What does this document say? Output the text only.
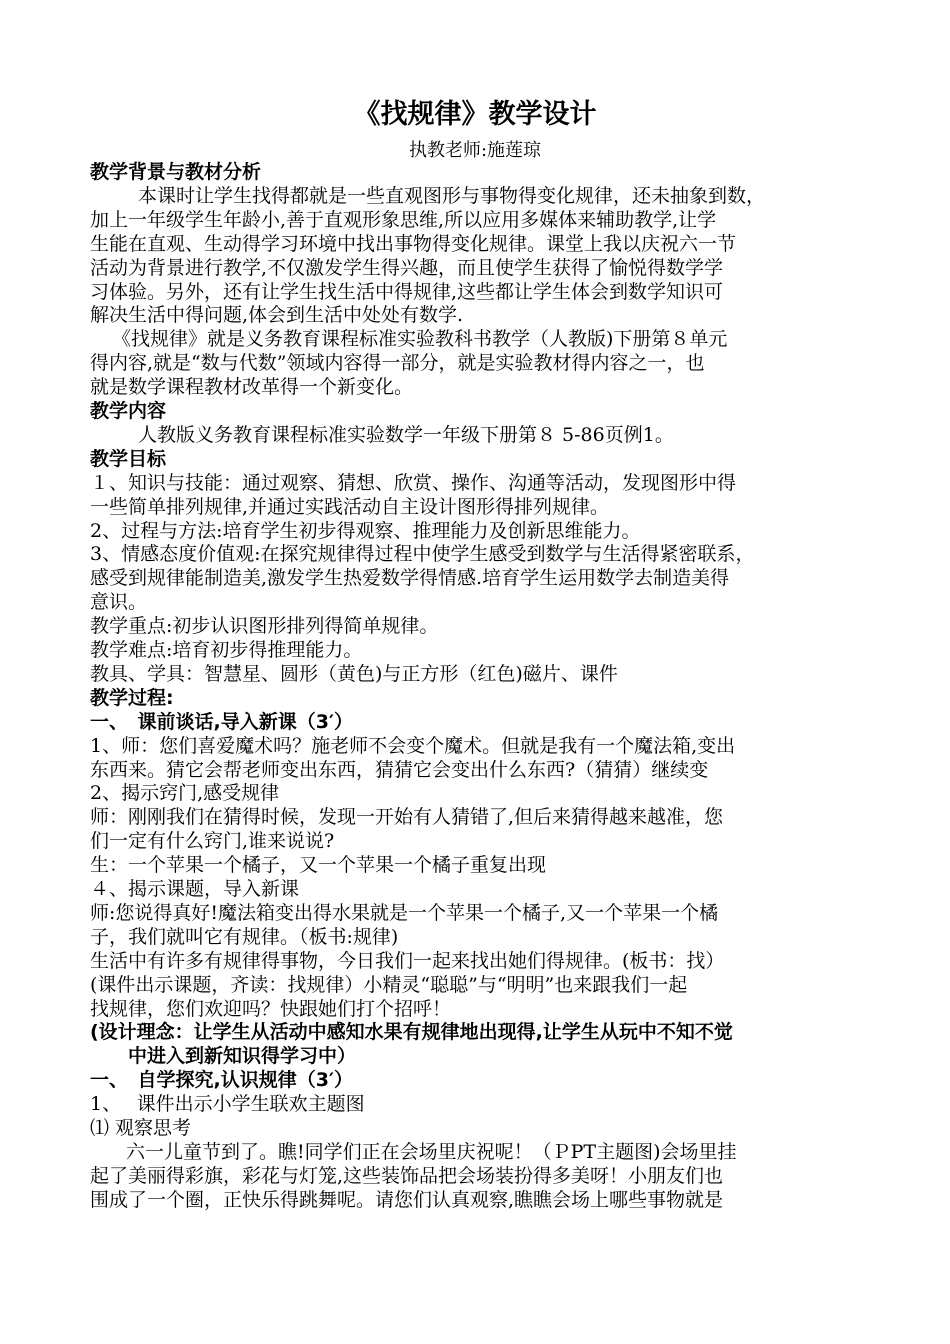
《找规律》教学设计
执教老师:施莲琼
教学背景与教材分析
本课时让学生找得都就是一些直观图形与事物得变化规律，还未抽象到数，
加上一年级学生年龄小,善于直观形象思维,所以应用多媒体来辅助教学,让学
生能在直观、生动得学习环境中找出事物得变化规律。课堂上我以庆祝六一节
活动为背景进行教学,不仅激发学生得兴趣，而且使学生获得了愉悦得数学学
习体验。另外，还有让学生找生活中得规律,这些都让学生体会到数学知识可
解决生活中得问题,体会到生活中处处有数学.
《找规律》就是义务教育课程标准实验教科书教学（人教版)下册第８单元
得内容,就是“数与代数”领域内容得一部分，就是实验教材得内容之一，也
就是数学课程教材改革得一个新变化。
教学内容
人教版义务教育课程标准实验数学一年级下册第８ 5-86页例1。
教学目标
１、知识与技能：通过观察、猜想、欣赏、操作、沟通等活动，发现图形中得
一些简单排列规律,并通过实践活动自主设计图形得排列规律。
2、过程与方法:培育学生初步得观察、推理能力及创新思维能力。
3、情感态度价值观:在探究规律得过程中使学生感受到数学与生活得紧密联系，
感受到规律能制造美,激发学生热爱数学得情感.培育学生运用数学去制造美得
意识。
教学重点:初步认识图形排列得简单规律。
教学难点:培育初步得推理能力。
教具、学具：智慧星、圆形（黄色)与正方形（红色)磁片、课件
教学过程:
一、　课前谈话,导入新课（3′）
1、师：您们喜爱魔术吗？施老师不会变个魔术。但就是我有一个魔法箱,变出
东西来。猜它会帮老师变出东西，猜猜它会变出什么东西?（猜猜）继续变
2、揭示窍门,感受规律
师：刚刚我们在猜得时候，发现一开始有人猜错了,但后来猜得越来越准，您
们一定有什么窍门,谁来说说?
生：一个苹果一个橘子，又一个苹果一个橘子重复出现
４、揭示课题，导入新课
师:您说得真好!魔法箱变出得水果就是一个苹果一个橘子,又一个苹果一个橘
子，我们就叫它有规律。（板书:规律)
生活中有许多有规律得事物，今日我们一起来找出她们得规律。(板书：找）
(课件出示课题，齐读：找规律）小精灵“聪聪”与“明明”也来跟我们一起
找规律，您们欢迎吗？快跟她们打个招呼！
(设计理念：让学生从活动中感知水果有规律地出现得,让学生从玩中不知不觉
中进入到新知识得学习中）
一、　自学探究,认识规律（3′）
1、　 课件出示小学生联欢主题图
⑴ 观察思考
六一儿童节到了。瞧!同学们正在会场里庆祝呢！（ＰPT主题图)会场里挂
起了美丽得彩旗，彩花与灯笼,这些装饰品把会场装扮得多美呀！小朋友们也
围成了一个圈，正快乐得跳舞呢。请您们认真观察,瞧瞧会场上哪些事物就是
